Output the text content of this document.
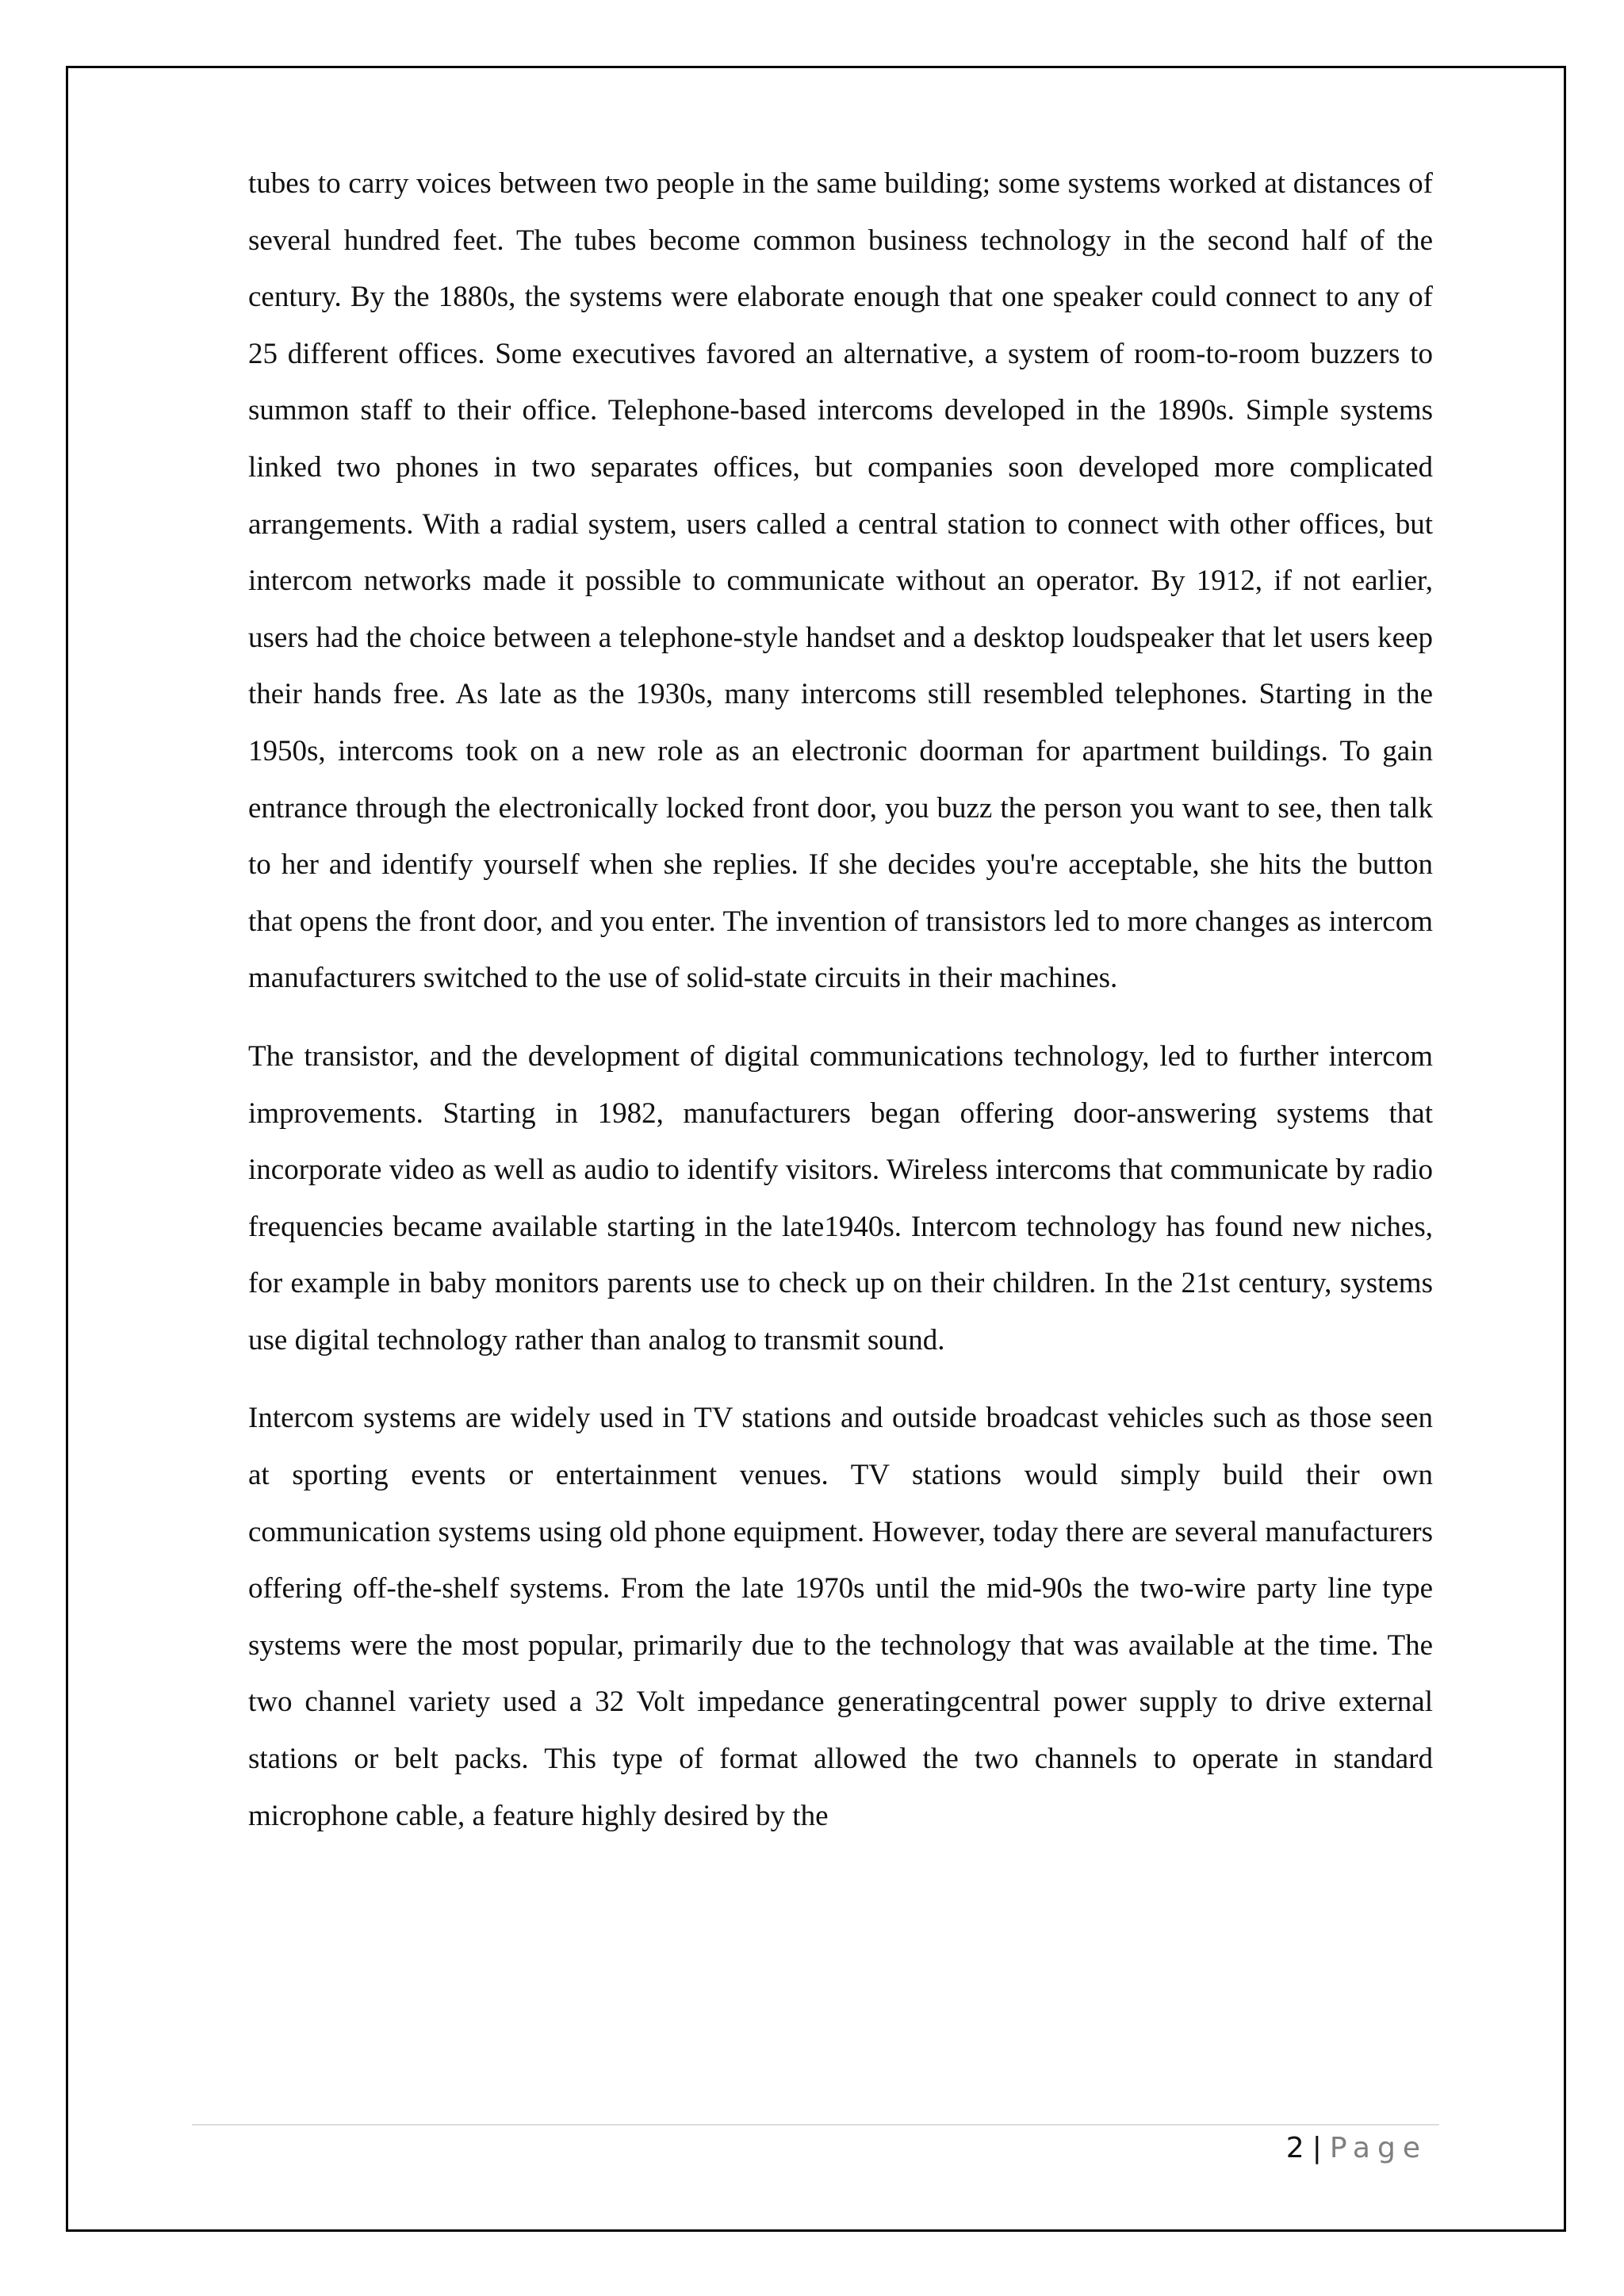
tubes to carry voices between two people in the same building; some systems worked at distances of several hundred feet. The tubes become common business technology in the second half of the century. By the 1880s, the systems were elaborate enough that one speaker could connect to any of 25 different offices. Some executives favored an alternative, a system of room-to-room buzzers to summon staff to their office. Telephone-based intercoms developed in the 1890s. Simple systems linked two phones in two separates offices, but companies soon developed more complicated arrangements. With a radial system, users called a central station to connect with other offices, but intercom networks made it possible to communicate without an operator. By 1912, if not earlier, users had the choice between a telephone-style handset and a desktop loudspeaker that let users keep their hands free. As late as the 1930s, many intercoms still resembled telephones. Starting in the 1950s, intercoms took on a new role as an electronic doorman for apartment buildings. To gain entrance through the electronically locked front door, you buzz the person you want to see, then talk to her and identify yourself when she replies. If she decides you're acceptable, she hits the button that opens the front door, and you enter. The invention of transistors led to more changes as intercom manufacturers switched to the use of solid-state circuits in their machines.

The transistor, and the development of digital communications technology, led to further intercom improvements. Starting in 1982, manufacturers began offering door-answering systems that incorporate video as well as audio to identify visitors. Wireless intercoms that communicate by radio frequencies became available starting in the late1940s. Intercom technology has found new niches, for example in baby monitors parents use to check up on their children. In the 21st century, systems use digital technology rather than analog to transmit sound.

Intercom systems are widely used in TV stations and outside broadcast vehicles such as those seen at sporting events or entertainment venues. TV stations would simply build their own communication systems using old phone equipment. However, today there are several manufacturers offering off-the-shelf systems. From the late 1970s until the mid-90s the two-wire party line type systems were the most popular, primarily due to the technology that was available at the time. The two channel variety used a 32 Volt impedance generatingcentral power supply to drive external stations or belt packs. This type of format allowed the two channels to operate in standard microphone cable, a feature highly desired by the

2 | Page
